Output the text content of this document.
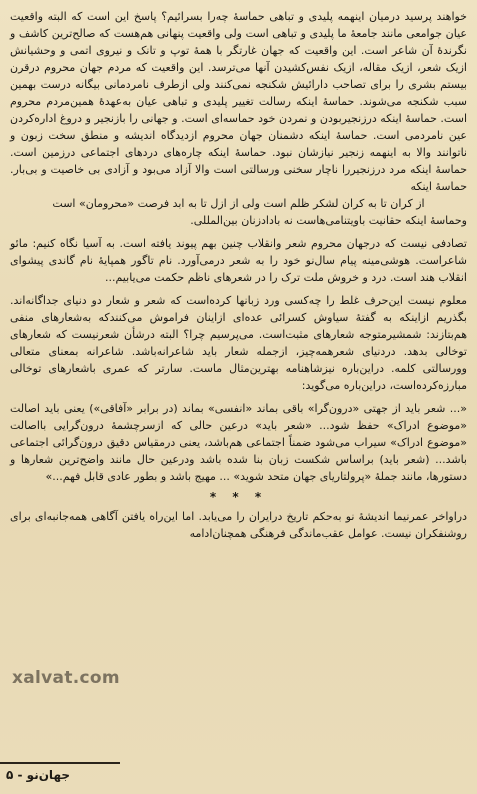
خواهند پرسید درمیان اینهمه پلیدی و تباهی حماسهٔ چه‌را بسرائیم؟ پاسخ این است که البته واقعیت عیان جوامعی مانند جامعهٔ ما پلیدی و تباهی است ولی واقعیت پنهانی هم‌هست که صالح‌ترین کاشف و نگرندهٔ آن شاعر است. این واقعیت که جهان غارتگر با همهٔ توپ و تانک و نیروی اتمی و وحشیانش ازیک شعر، ازیک مقاله، ازیک نفس‌کشیدن آنها می‌ترسد. این واقعیت که مردم جهان محروم درقرن بیستم بشری را برای تصاحب دارائیش شکنجه نمی‌کنند ولی ازطرف نامردمانی بیگانه درست بهمین سبب شکنجه می‌شوند. حماسهٔ اینکه رسالت تغییر پلیدی و تباهی عیان به‌عهدهٔ همین‌مردم محروم است. حماسهٔ اینکه درزنجیربودن و نمردن خود حماسه‌ای است. و جهانی را بازنجیر و دروغ اداره‌کردن عین نامردمی است. حماسهٔ اینکه دشمنان جهان محروم ازدیدگاه اندیشه و منطق سخت زبون و ناتوانند والا به اینهمه زنجیر نیازشان نبود. حماسهٔ اینکه چاره‌های دردهای اجتماعی درزمین است. حماسهٔ اینکه مرد درزنجیررا ناچار سخنی ورسالتی است والا آزاد می‌بود و آزادی بی خاصیت و بی‌بار. حماسهٔ اینکه

از کران تا به کران لشکر ظلم است ولی از ازل تا به ابد فرصت «محرومان» است

وحماسهٔ اینکه حقانیت باویتنامی‌هاست نه بادادزنان بین‌المللی.

تصادفی نیست که درجهان محروم شعر وانقلاب چنین بهم پیوند یافته است. به آسیا نگاه کنیم: مائو شاعراست. هوشی‌مینه پیام سال‌نو خود را به شعر درمی‌آورد. نام تاگور همپایهٔ نام گاندی پیشوای انقلاب هند است. درد و خروش ملت ترک را در شعرهای ناظم حکمت می‌یابیم...

معلوم نیست این‌حرف غلط را چه‌کسی ورد زبانها کرده‌است که شعر و شعار دو دنیای جداگانه‌اند. بگذریم ازاینکه به گفتهٔ سیاوش کسرائی عده‌ای ازاینان فراموش می‌کنندکه به‌شعارهای منفی هم‌بتازند: شمشیرمتوجه شعارهای مثبت‌است. می‌پرسیم چرا؟ البته درشأن شعرنیست که شعارهای توخالی بدهد. دردنیای شعرهمه‌چیز، ازجمله شعار باید شاعرانه‌باشد. شاعرانه بمعنای متعالی وورسالتی کلمه. دراین‌باره نیزشاهنامه بهترین‌مثال ماست. سارتر که عمری باشعارهای توخالی مبارزه‌کرده‌است، دراین‌باره می‌گوید:

«... شعر باید از جهتی «درون‌گرا» باقی بماند «انفسی» بماند (در برابر «آفاقی») یعنی باید اصالت «موضوع ادراک» حفظ شود... «شعر باید» درعین حالی که ازسرچشمهٔ درون‌گرایی بااصالت «موضوع ادراک» سیراب می‌شود ضمناً اجتماعی هم‌باشد، یعنی درمقیاس دقیق درون‌گرائی اجتماعی باشد... (شعر باید) براساس شکست زبان بنا شده باشد ودرعین حال مانند واضح‌ترین شعارها و دستورها، مانند جملهٔ «پرولتاریای جهان متحد شوید» ... مهیج باشد و بطور عادی قابل فهم...»

* * *

دراواخر عمرنیما اندیشهٔ نو به‌حکم تاریخ درایران را می‌یابد. اما این‌راه یافتن آگاهی همه‌جانبه‌ای برای روشنفکران نیست. عوامل عقب‌ماندگی فرهنگی همچنان‌ادامه

xalvat.com
جهان‌نو - ۵
